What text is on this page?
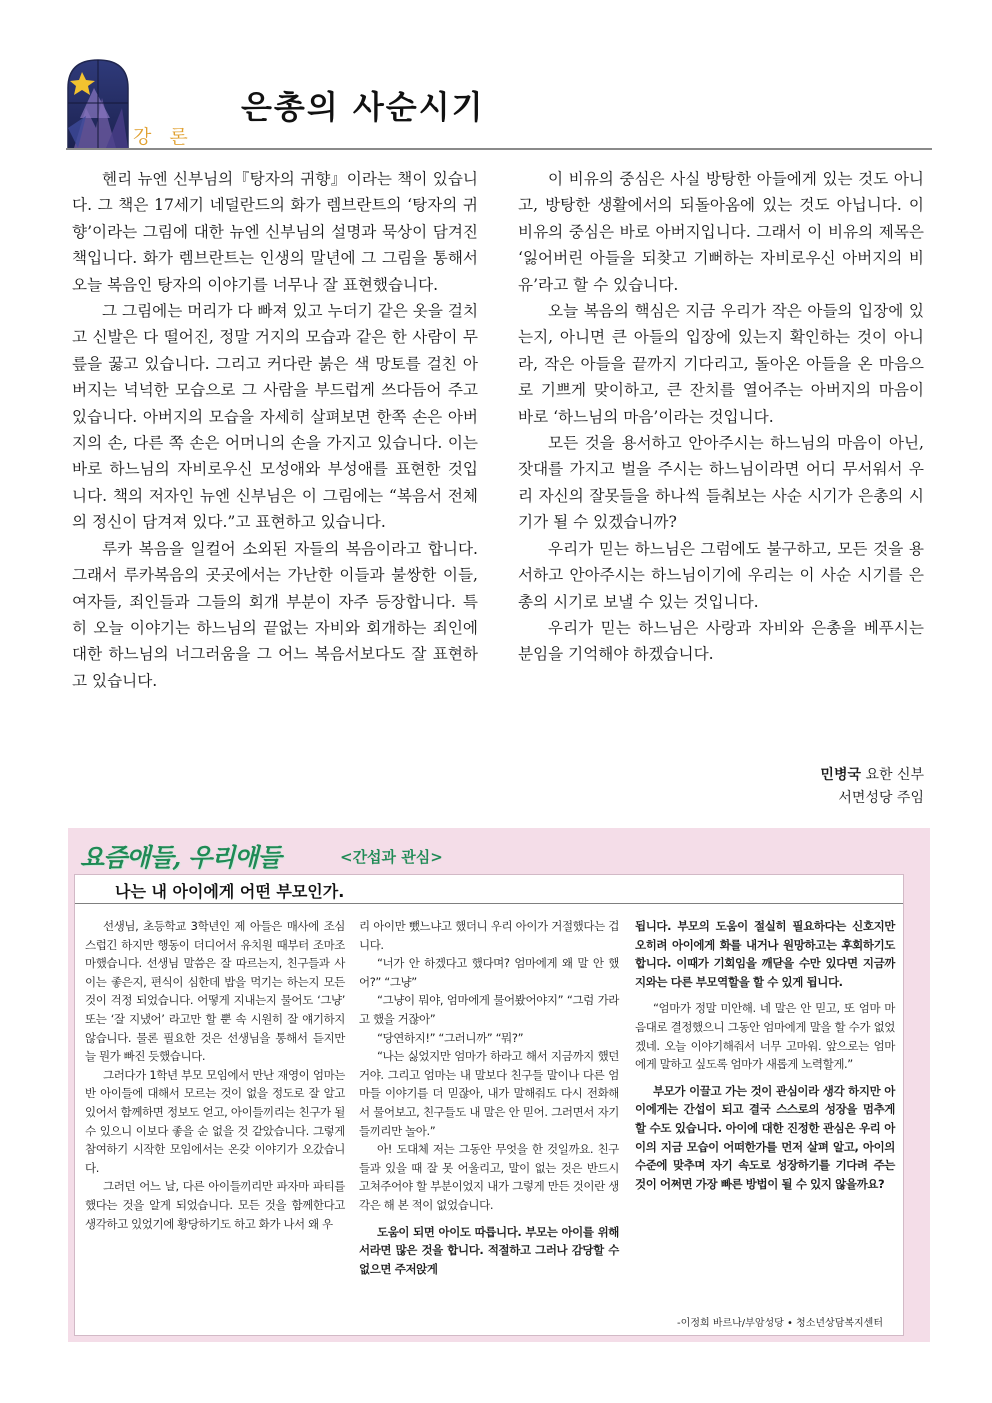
강 론
은총의 사순시기

헨리 뉴엔 신부님의『탕자의 귀향』이라는 책이 있습니다. 그 책은 17세기 네덜란드의 화가 렘브란트의 ‘탕자의 귀향’이라는 그림에 대한 뉴엔 신부님의 설명과 묵상이 담겨진 책입니다. 화가 렘브란트는 인생의 말년에 그 그림을 통해서 오늘 복음인 탕자의 이야기를 너무나 잘 표현했습니다.

그 그림에는 머리가 다 빠져 있고 누더기 같은 옷을 걸치고 신발은 다 떨어진, 정말 거지의 모습과 같은 한 사람이 무릎을 꿇고 있습니다. 그리고 커다란 붉은 색 망토를 걸친 아버지는 넉넉한 모습으로 그 사람을 부드럽게 쓰다듬어 주고 있습니다. 아버지의 모습을 자세히 살펴보면 한쪽 손은 아버지의 손, 다른 쪽 손은 어머니의 손을 가지고 있습니다. 이는 바로 하느님의 자비로우신 모성애와 부성애를 표현한 것입니다. 책의 저자인 뉴엔 신부님은 이 그림에는 “복음서 전체의 정신이 담겨져 있다.”고 표현하고 있습니다.

루카 복음을 일컬어 소외된 자들의 복음이라고 합니다. 그래서 루카복음의 곳곳에서는 가난한 이들과 불쌍한 이들, 여자들, 죄인들과 그들의 회개 부분이 자주 등장합니다. 특히 오늘 이야기는 하느님의 끝없는 자비와 회개하는 죄인에 대한 하느님의 너그러움을 그 어느 복음서보다도 잘 표현하고 있습니다.

이 비유의 중심은 사실 방탕한 아들에게 있는 것도 아니고, 방탕한 생활에서의 되돌아옴에 있는 것도 아닙니다. 이 비유의 중심은 바로 아버지입니다. 그래서 이 비유의 제목은 ‘잃어버린 아들을 되찾고 기뻐하는 자비로우신 아버지의 비유’라고 할 수 있습니다.

오늘 복음의 핵심은 지금 우리가 작은 아들의 입장에 있는지, 아니면 큰 아들의 입장에 있는지 확인하는 것이 아니라, 작은 아들을 끝까지 기다리고, 돌아온 아들을 온 마음으로 기쁘게 맞이하고, 큰 잔치를 열어주는 아버지의 마음이 바로 ‘하느님의 마음’이라는 것입니다.

모든 것을 용서하고 안아주시는 하느님의 마음이 아닌, 잣대를 가지고 벌을 주시는 하느님이라면 어디 무서워서 우리 자신의 잘못들을 하나씩 들춰보는 사순 시기가 은총의 시기가 될 수 있겠습니까?

우리가 믿는 하느님은 그럼에도 불구하고, 모든 것을 용서하고 안아주시는 하느님이기에 우리는 이 사순 시기를 은총의 시기로 보낼 수 있는 것입니다.

우리가 믿는 하느님은 사랑과 자비와 은총을 베푸시는 분임을 기억해야 하겠습니다.

민병국 요한 신부
서면성당 주임
요즘애들, 우리애들	<간섭과 관심>
나는 내 아이에게 어떤 부모인가.

선생님, 초등학교 3학년인 제 아들은 매사에 조심스럽긴 하지만 행동이 더디어서 유치원 때부터 조마조마했습니다. 선생님 말씀은 잘 따르는지, 친구들과 사이는 좋은지, 편식이 심한데 밥을 먹기는 하는지 모든 것이 걱정 되었습니다. 어떻게 지내는지 물어도 ‘그냥’ 또는 ‘잘 지냈어’ 라고만 할 뿐 속 시원히 잘 얘기하지 않습니다. 물론 필요한 것은 선생님을 통해서 듣지만 늘 뭔가 빠진 듯했습니다.

그러다가 1학년 부모 모임에서 만난 재영이 엄마는 반 아이들에 대해서 모르는 것이 없을 정도로 잘 알고 있어서 함께하면 정보도 얻고, 아이들끼리는 친구가 될 수 있으니 이보다 좋을 순 없을 것 같았습니다. 그렇게 참여하기 시작한 모임에서는 온갖 이야기가 오갔습니다.

그러던 어느 날, 다른 아이들끼리만 파자마 파티를 했다는 것을 알게 되었습니다. 모든 것을 함께한다고 생각하고 있었기에 황당하기도 하고 화가 나서 왜 우

리 아이만 뺐느냐고 했더니 우리 아이가 거절했다는 겁니다.

“너가 안 하겠다고 했다며? 엄마에게 왜 말 안 했어?” “그냥”

“그냥이 뭐야, 엄마에게 물어봤어야지” “그럼 가라고 했을 거잖아”

“당연하지!” “그러니까” “뭐?”

“나는 싫었지만 엄마가 하라고 해서 지금까지 했던 거야. 그리고 엄마는 내 말보다 친구들 말이나 다른 엄마들 이야기를 더 믿잖아, 내가 말해줘도 다시 전화해서 물어보고, 친구들도 내 말은 안 믿어. 그러면서 자기들끼리만 놀아.”

아! 도대체 저는 그동안 무엇을 한 것일까요. 친구들과 있을 때 잘 못 어울리고, 말이 없는 것은 반드시 고쳐주어야 할 부분이었지 내가 그렇게 만든 것이란 생각은 해 본 적이 없었습니다.

도움이 되면 아이도 따릅니다. 부모는 아이를 위해서라면 많은 것을 합니다. 적절하고 그러나 감당할 수 없으면 주저앉게

됩니다. 부모의 도움이 절실히 필요하다는 신호지만 오히려 아이에게 화를 내거나 원망하고는 후회하기도 합니다. 이때가 기회임을 깨닫을 수만 있다면 지금까지와는 다른 부모역할을 할 수 있게 됩니다.

“엄마가 정말 미안해. 네 말은 안 믿고, 또 엄마 마음대로 결정했으니 그동안 엄마에게 말을 할 수가 없었겠네. 오늘 이야기해줘서 너무 고마워. 앞으로는 엄마에게 말하고 싶도록 엄마가 새롭게 노력할게.”

부모가 이끌고 가는 것이 관심이라 생각 하지만 아이에게는 간섭이 되고 결국 스스로의 성장을 멈추게 할 수도 있습니다. 아이에 대한 진정한 관심은 우리 아이의 지금 모습이 어떠한가를 먼저 살펴 알고, 아이의 수준에 맞추며 자기 속도로 성장하기를 기다려 주는 것이 어쩌면 가장 빠른 방법이 될 수 있지 않을까요?

-이정희 바르나/부암성당 • 청소년상담복지센터
